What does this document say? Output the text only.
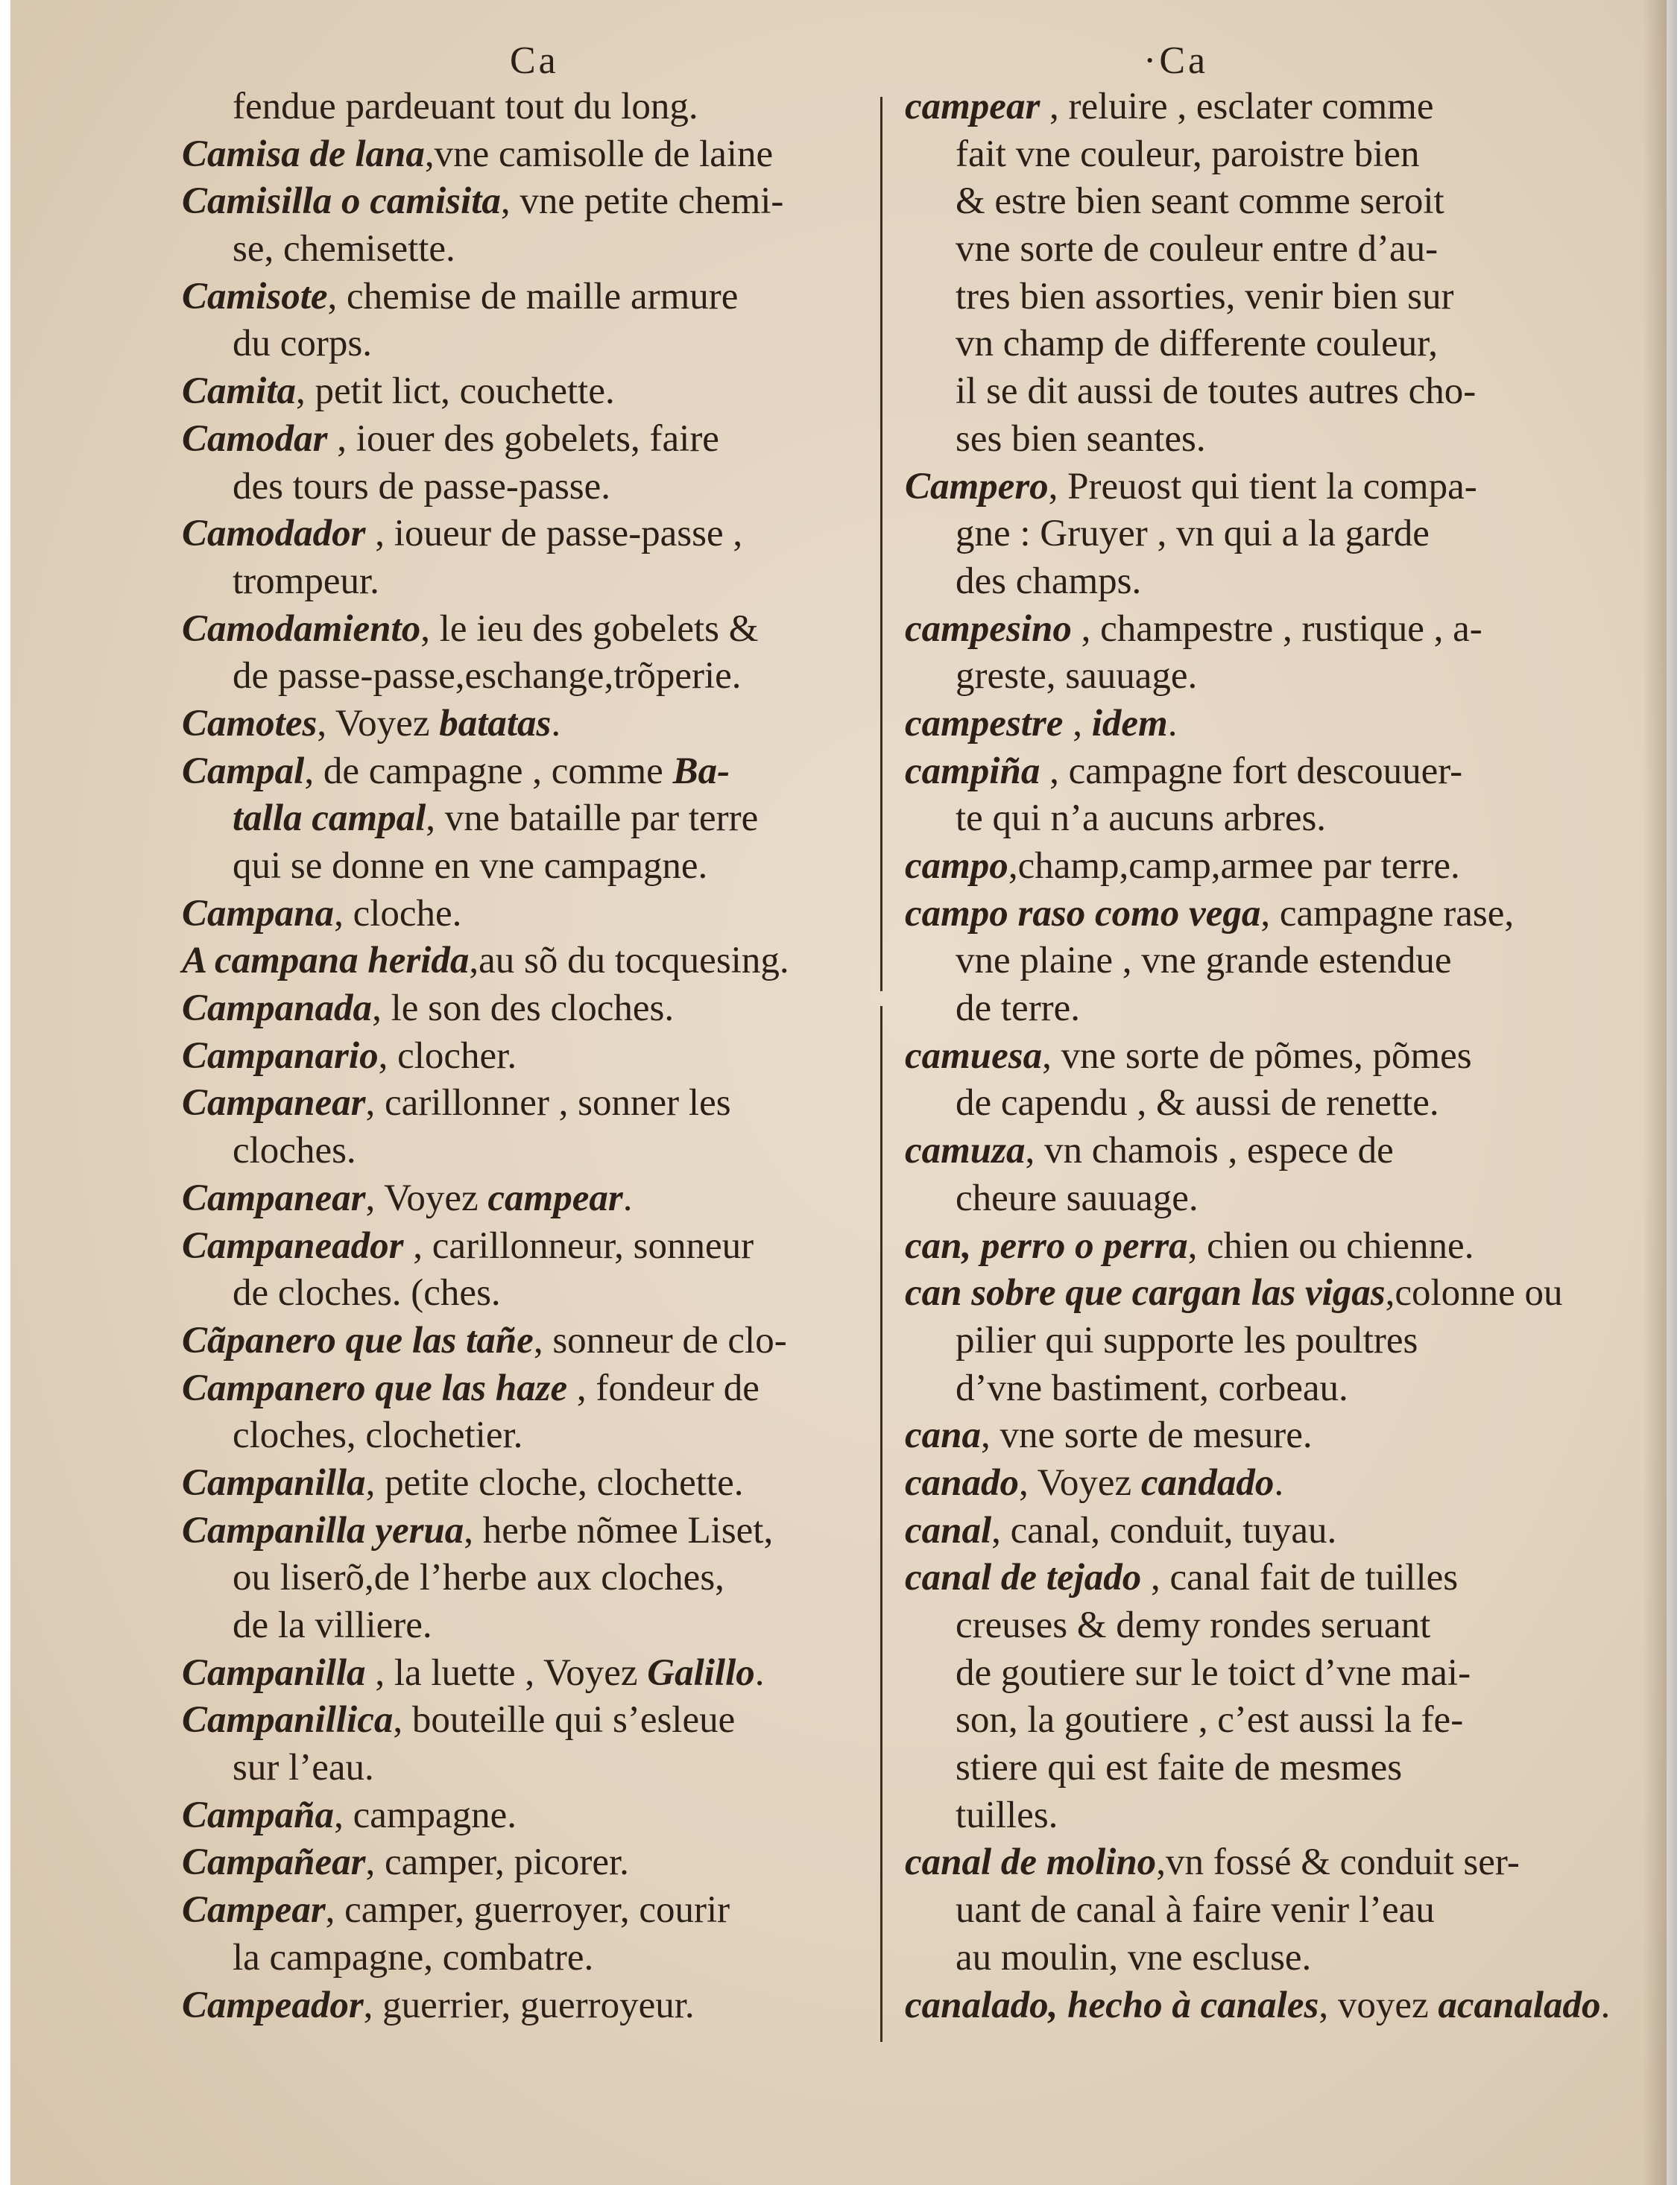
Ca	·Ca
fendue pardeuant tout du long.
Camisa de lana,vne camisolle de laine
Camisilla o camisita, vne petite chemi-
se, chemisette.
Camisote, chemise de maille armure
du corps.
Camita, petit lict, couchette.
Camodar , iouer des gobelets, faire
des tours de passe-passe.
Camodador , ioueur de passe-passe ,
trompeur.
Camodamiento, le ieu des gobelets &
de passe-passe,eschange,trõperie.
Camotes, Voyez batatas.
Campal, de campagne , comme Ba-
talla campal, vne bataille par terre
qui se donne en vne campagne.
Campana, cloche.
A campana herida,au sõ du tocquesing.
Campanada, le son des cloches.
Campanario, clocher.
Campanear, carillonner , sonner les
cloches.
Campanear, Voyez campear.
Campaneador , carillonneur, sonneur
de cloches. (ches.
Cãpanero que las tañe, sonneur de clo-
Campanero que las haze , fondeur de
cloches, clochetier.
Campanilla, petite cloche, clochette.
Campanilla yerua, herbe nõmee Liset,
ou liserõ,de l’herbe aux cloches,
de la villiere.
Campanilla , la luette , Voyez Galillo.
Campanillica, bouteille qui s’esleue
sur l’eau.
Campaña, campagne.
Campañear, camper, picorer.
Campear, camper, guerroyer, courir
la campagne, combatre.
Campeador, guerrier, guerroyeur.
campear , reluire , esclater comme
fait vne couleur, paroistre bien
& estre bien seant comme seroit
vne sorte de couleur entre d’au-
tres bien assorties, venir bien sur
vn champ de differente couleur,
il se dit aussi de toutes autres cho-
ses bien seantes.
Campero, Preuost qui tient la compa-
gne : Gruyer , vn qui a la garde
des champs.
campesino , champestre , rustique , a-
greste, sauuage.
campestre , idem.
campiña , campagne fort descouuer-
te qui n’a aucuns arbres.
campo,champ,camp,armee par terre.
campo raso como vega, campagne rase,
vne plaine , vne grande estendue
de terre.
camuesa, vne sorte de põmes, põmes
de capendu , & aussi de renette.
camuza, vn chamois , espece de
cheure sauuage.
can, perro o perra, chien ou chienne.
can sobre que cargan las vigas,colonne ou
pilier qui supporte les poultres
d’vne bastiment, corbeau.
cana, vne sorte de mesure.
canado, Voyez candado.
canal, canal, conduit, tuyau.
canal de tejado , canal fait de tuilles
creuses & demy rondes seruant
de goutiere sur le toict d’vne mai-
son, la goutiere , c’est aussi la fe-
stiere qui est faite de mesmes
tuilles.
canal de molino,vn fossé & conduit ser-
uant de canal à faire venir l’eau
au moulin, vne escluse.
canalado, hecho à canales, voyez acanalado.
